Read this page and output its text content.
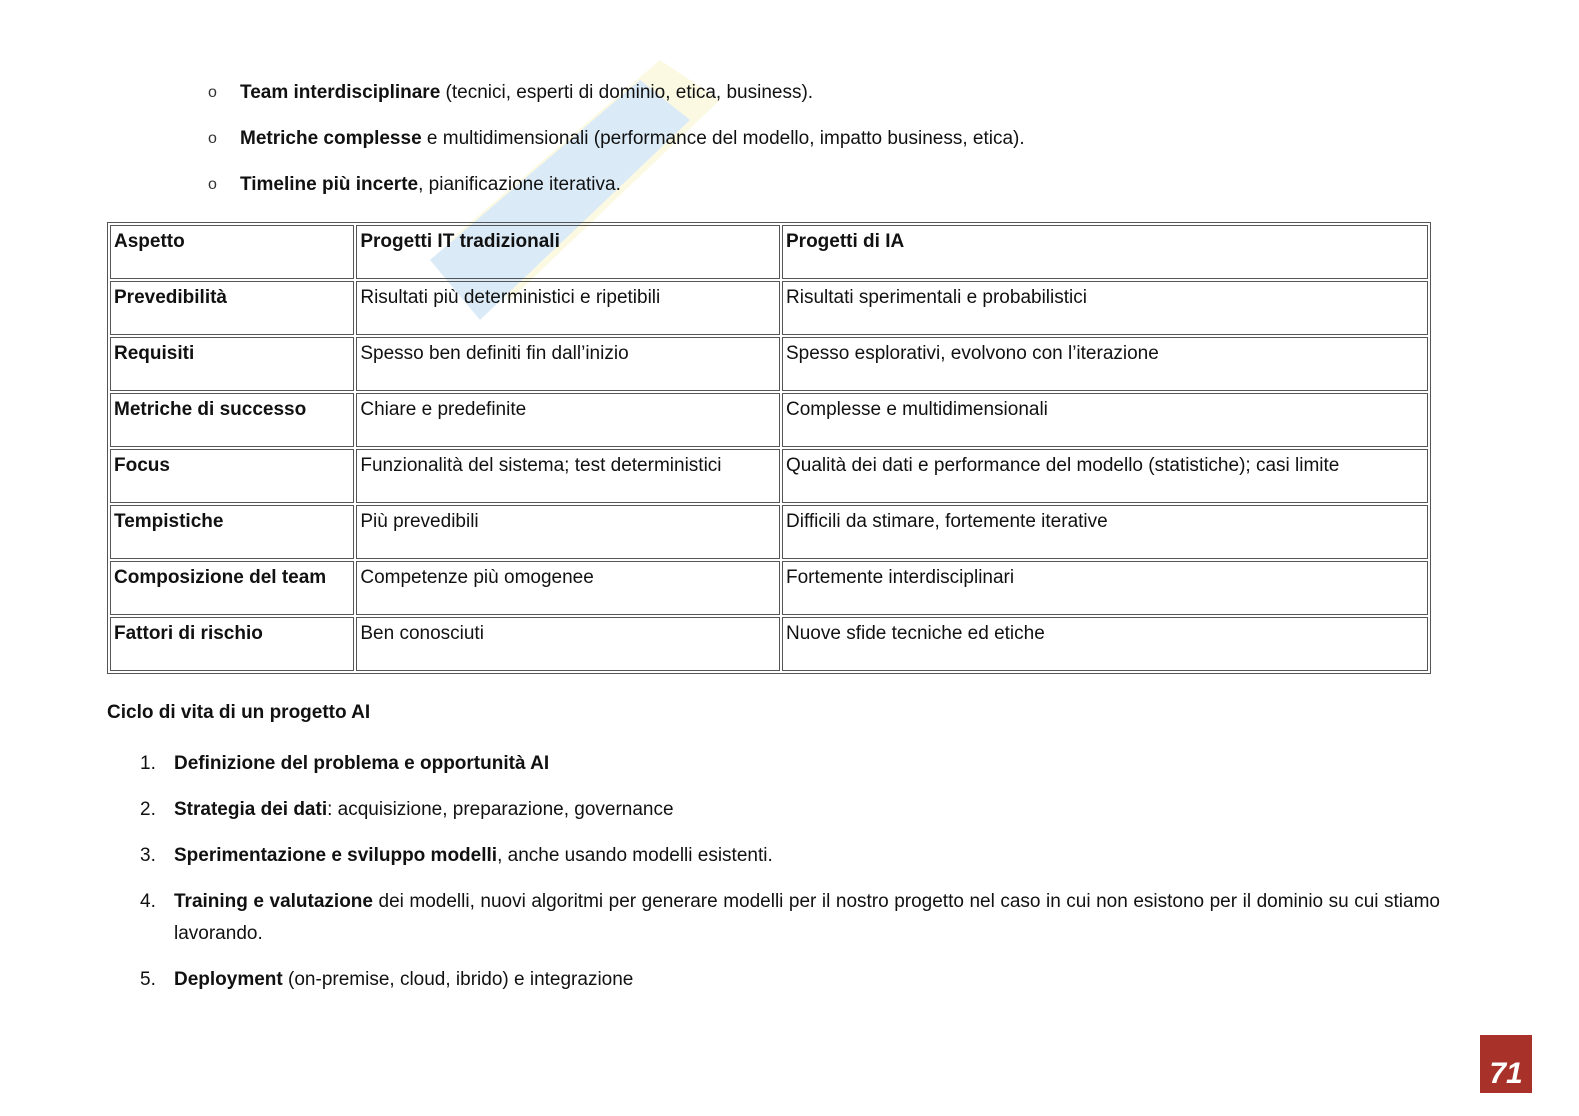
o Team interdisciplinare (tecnici, esperti di dominio, etica, business).
o Metriche complesse e multidimensionali (performance del modello, impatto business, etica).
o Timeline più incerte, pianificazione iterativa.
Aspetto	Progetti IT tradizionali	Progetti di IA
Prevedibilità	Risultati più deterministici e ripetibili	Risultati sperimentali e probabilistici
Requisiti	Spesso ben definiti fin dall’inizio	Spesso esplorativi, evolvono con l’iterazione
Metriche di successo	Chiare e predefinite	Complesse e multidimensionali
Focus	Funzionalità del sistema; test deterministici	Qualità dei dati e performance del modello (statistiche); casi limite
Tempistiche	Più prevedibili	Difficili da stimare, fortemente iterative
Composizione del team	Competenze più omogenee	Fortemente interdisciplinari
Fattori di rischio	Ben conosciuti	Nuove sfide tecniche ed etiche
Ciclo di vita di un progetto AI
1. Definizione del problema e opportunità AI
2. Strategia dei dati: acquisizione, preparazione, governance
3. Sperimentazione e sviluppo modelli, anche usando modelli esistenti.
4. Training e valutazione dei modelli, nuovi algoritmi per generare modelli per il nostro progetto nel caso in cui non esistono per il dominio su cui stiamo lavorando.
5. Deployment (on-premise, cloud, ibrido) e integrazione
71
